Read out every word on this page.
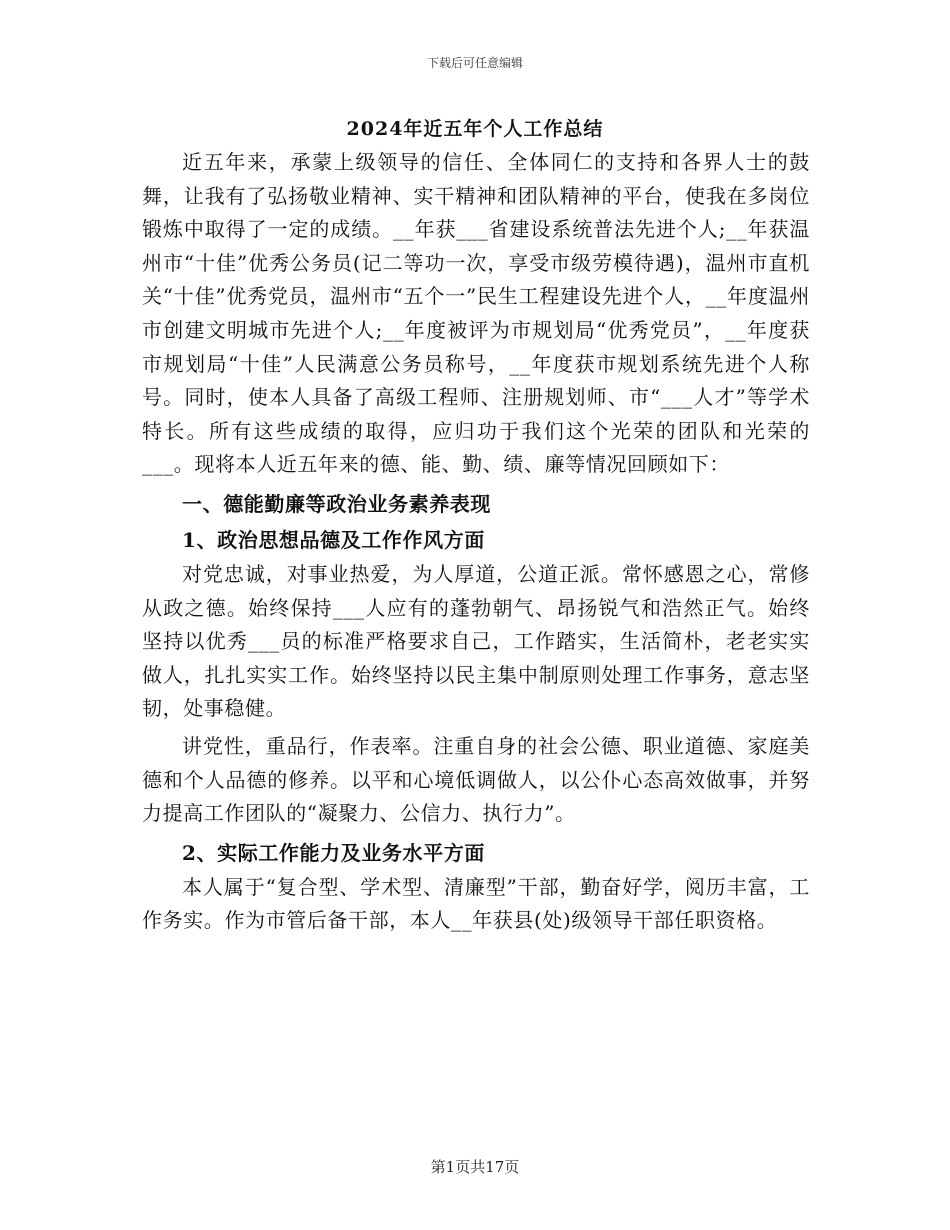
下载后可任意编辑
2024年近五年个人工作总结

近五年来，承蒙上级领导的信任、全体同仁的支持和各界人士的鼓舞，让我有了弘扬敬业精神、实干精神和团队精神的平台，使我在多岗位锻炼中取得了一定的成绩。__年获___省建设系统普法先进个人;__年获温州市“十佳”优秀公务员(记二等功一次，享受市级劳模待遇)，温州市直机关“十佳”优秀党员，温州市“五个一”民生工程建设先进个人，__年度温州市创建文明城市先进个人;__年度被评为市规划局“优秀党员”，__年度获市规划局“十佳”人民满意公务员称号，__年度获市规划系统先进个人称号。同时，使本人具备了高级工程师、注册规划师、市“___人才”等学术特长。所有这些成绩的取得，应归功于我们这个光荣的团队和光荣的___。现将本人近五年来的德、能、勤、绩、廉等情况回顾如下：

一、德能勤廉等政治业务素养表现
1、政治思想品德及工作作风方面

对党忠诚，对事业热爱，为人厚道，公道正派。常怀感恩之心，常修从政之德。始终保持___人应有的蓬勃朝气、昂扬锐气和浩然正气。始终坚持以优秀___员的标准严格要求自己，工作踏实，生活简朴，老老实实做人，扎扎实实工作。始终坚持以民主集中制原则处理工作事务，意志坚韧，处事稳健。

讲党性，重品行，作表率。注重自身的社会公德、职业道德、家庭美德和个人品德的修养。以平和心境低调做人，以公仆心态高效做事，并努力提高工作团队的“凝聚力、公信力、执行力”。

2、实际工作能力及业务水平方面

本人属于“复合型、学术型、清廉型”干部，勤奋好学，阅历丰富，工作务实。作为市管后备干部，本人__年获县(处)级领导干部任职资格。

第1页共17页
